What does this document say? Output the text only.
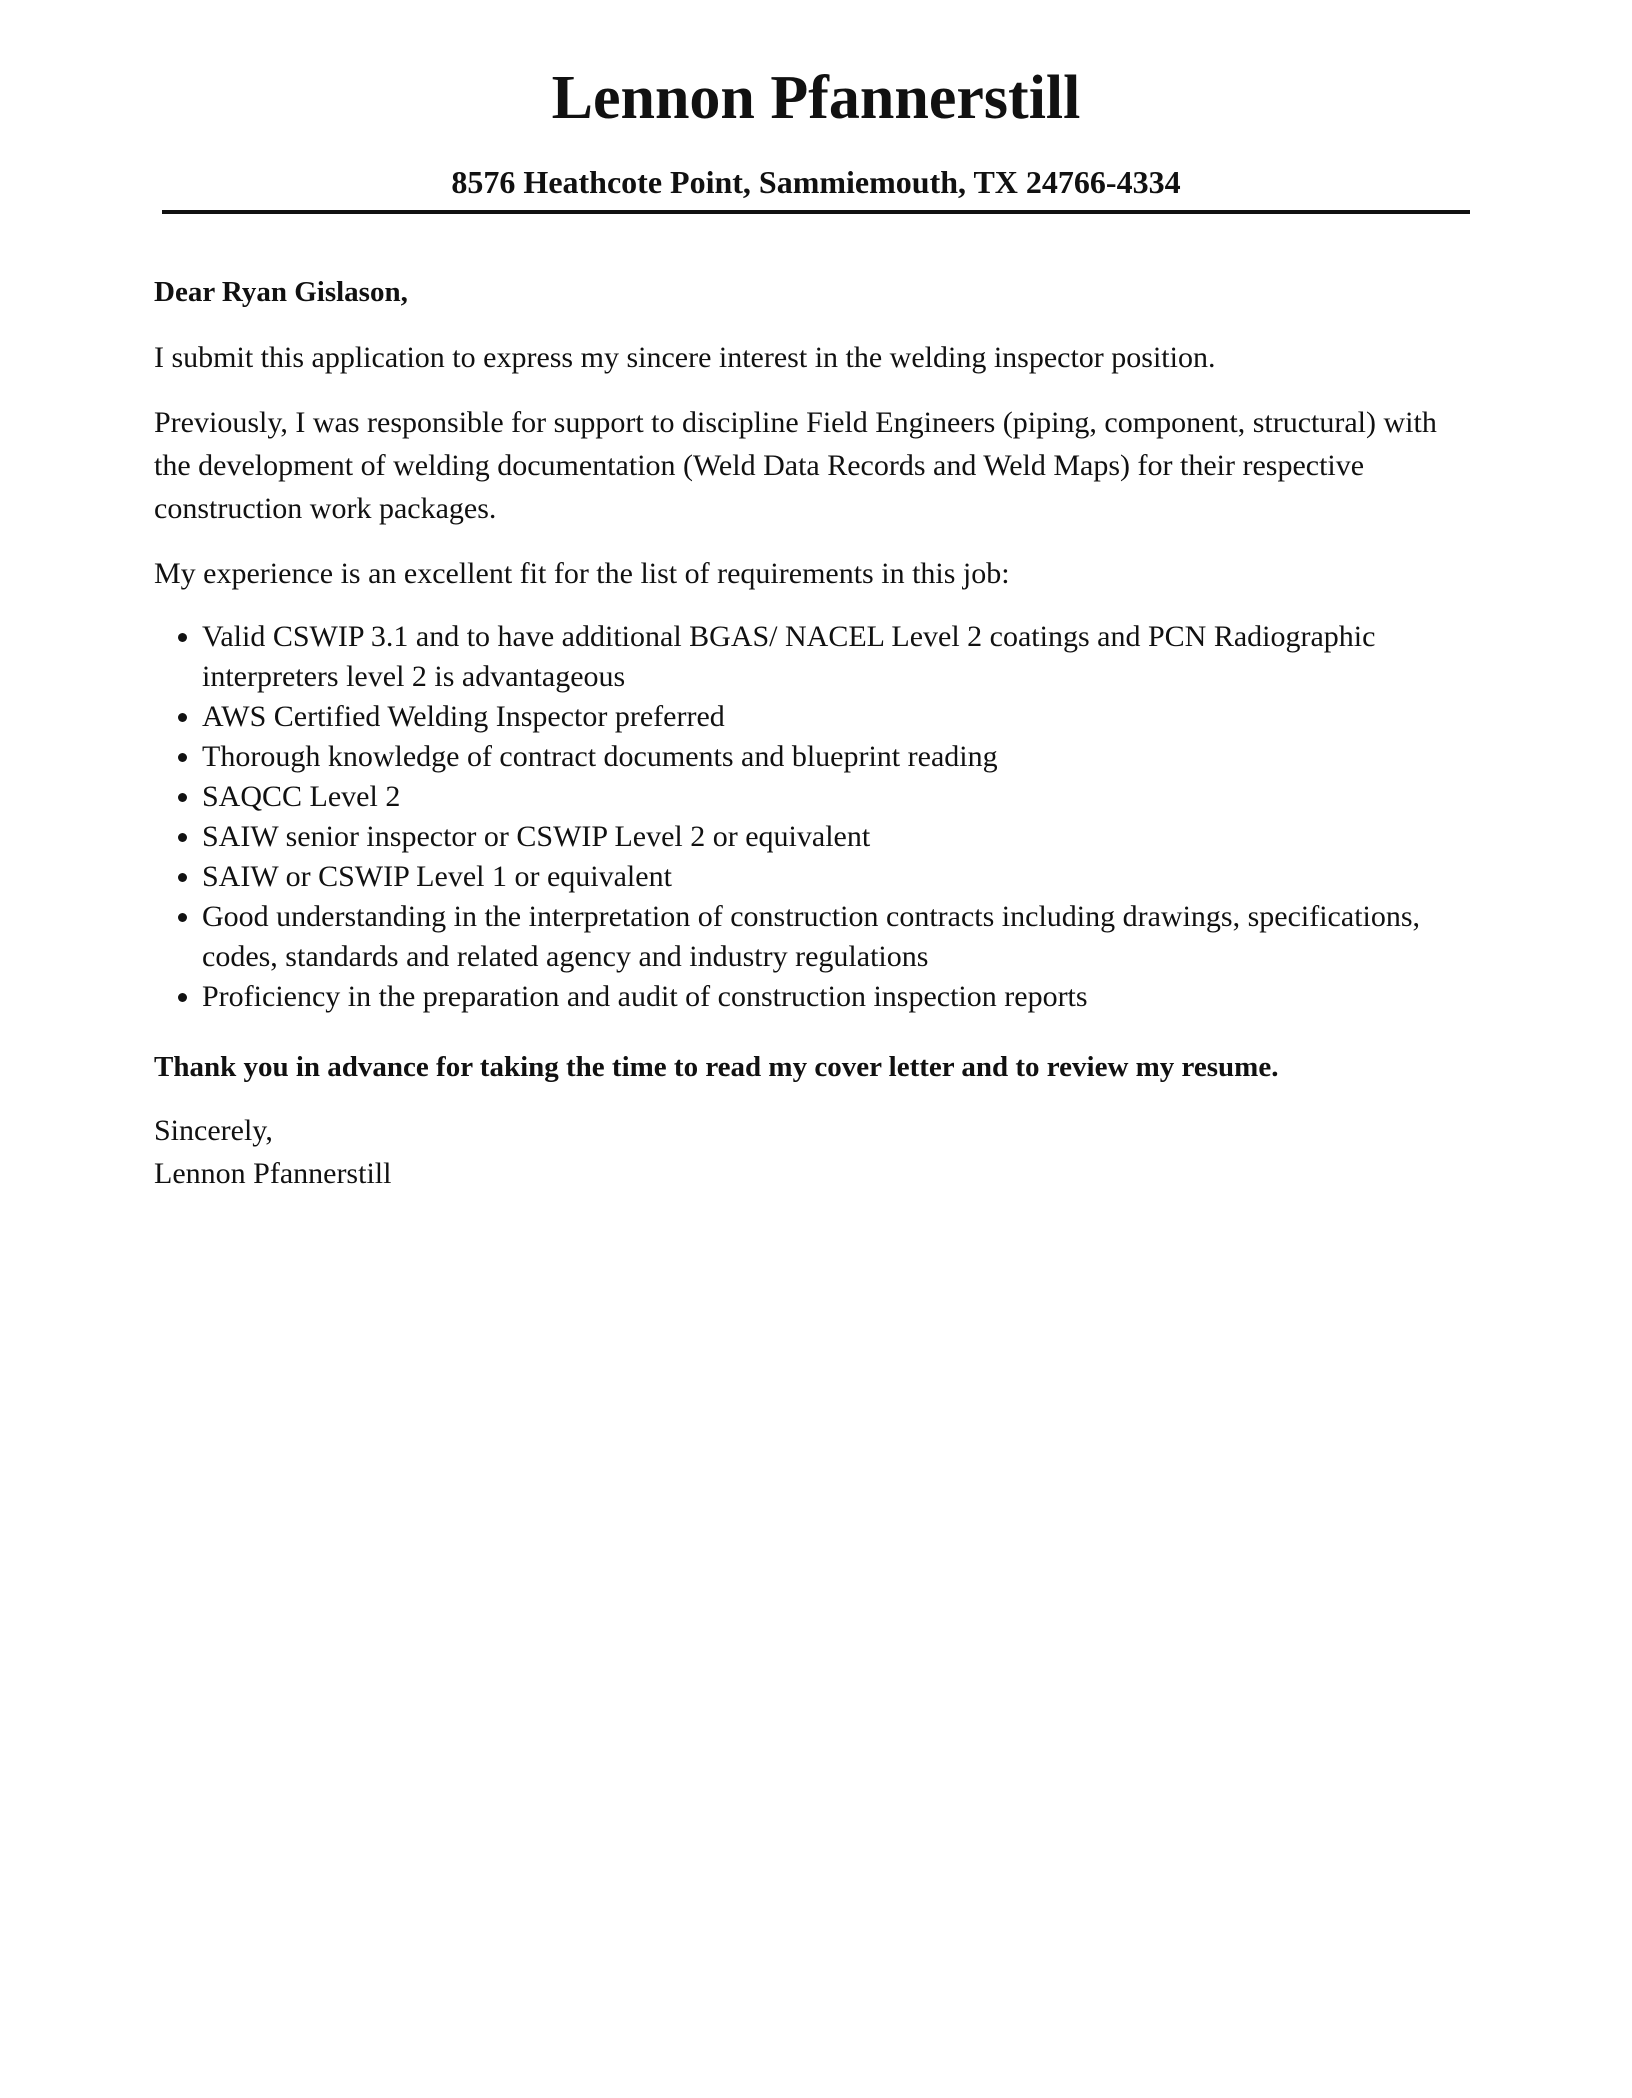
Lennon Pfannerstill

8576 Heathcote Point, Sammiemouth, TX 24766-4334

Dear Ryan Gislason,

I submit this application to express my sincere interest in the welding inspector position.

Previously, I was responsible for support to discipline Field Engineers (piping, component, structural) with the development of welding documentation (Weld Data Records and Weld Maps) for their respective construction work packages.

My experience is an excellent fit for the list of requirements in this job:

• Valid CSWIP 3.1 and to have additional BGAS/ NACEL Level 2 coatings and PCN Radiographic interpreters level 2 is advantageous
• AWS Certified Welding Inspector preferred
• Thorough knowledge of contract documents and blueprint reading
• SAQCC Level 2
• SAIW senior inspector or CSWIP Level 2 or equivalent
• SAIW or CSWIP Level 1 or equivalent
• Good understanding in the interpretation of construction contracts including drawings, specifications, codes, standards and related agency and industry regulations
• Proficiency in the preparation and audit of construction inspection reports

Thank you in advance for taking the time to read my cover letter and to review my resume.

Sincerely,

Lennon Pfannerstill
